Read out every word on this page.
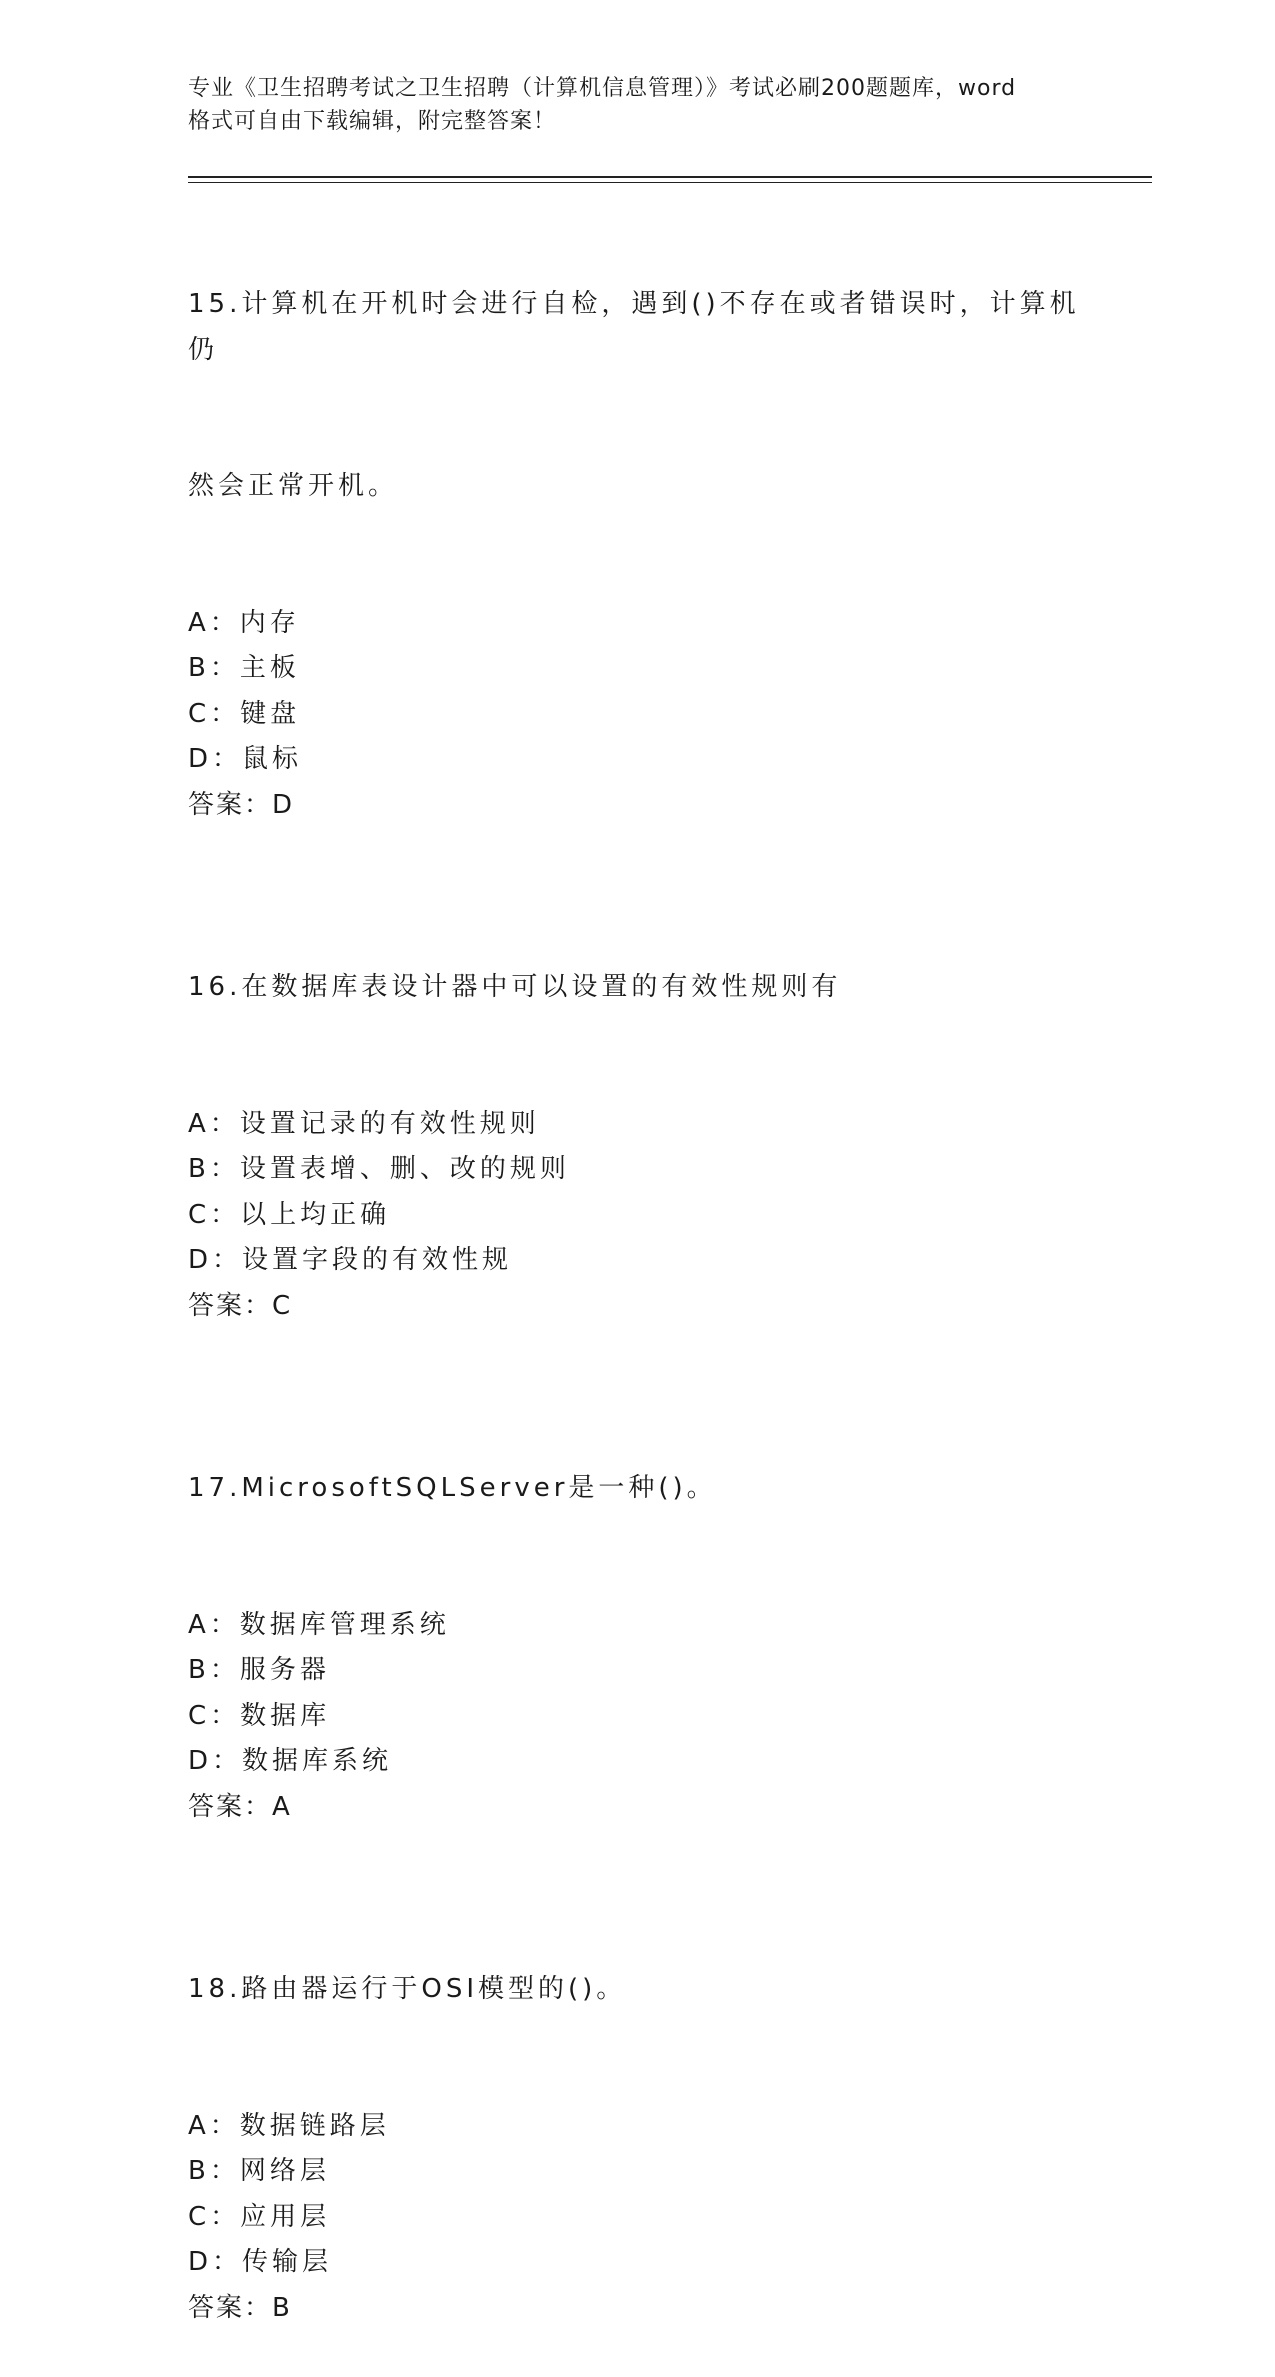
专业《卫生招聘考试之卫生招聘（计算机信息管理）》考试必刷200题题库，word
格式可自由下载编辑，附完整答案！

15.计算机在开机时会进行自检，遇到()不存在或者错误时，计算机仍

然会正常开机。

A：内存
B：主板
C：键盘
D：鼠标
答案：D

16.在数据库表设计器中可以设置的有效性规则有

A：设置记录的有效性规则
B：设置表增、删、改的规则
C：以上均正确
D：设置字段的有效性规
答案：C

17.MicrosoftSQLServer是一种()。

A：数据库管理系统
B：服务器
C：数据库
D：数据库系统
答案：A

18.路由器运行于OSI模型的()。

A：数据链路层
B：网络层
C：应用层
D：传输层
答案：B
